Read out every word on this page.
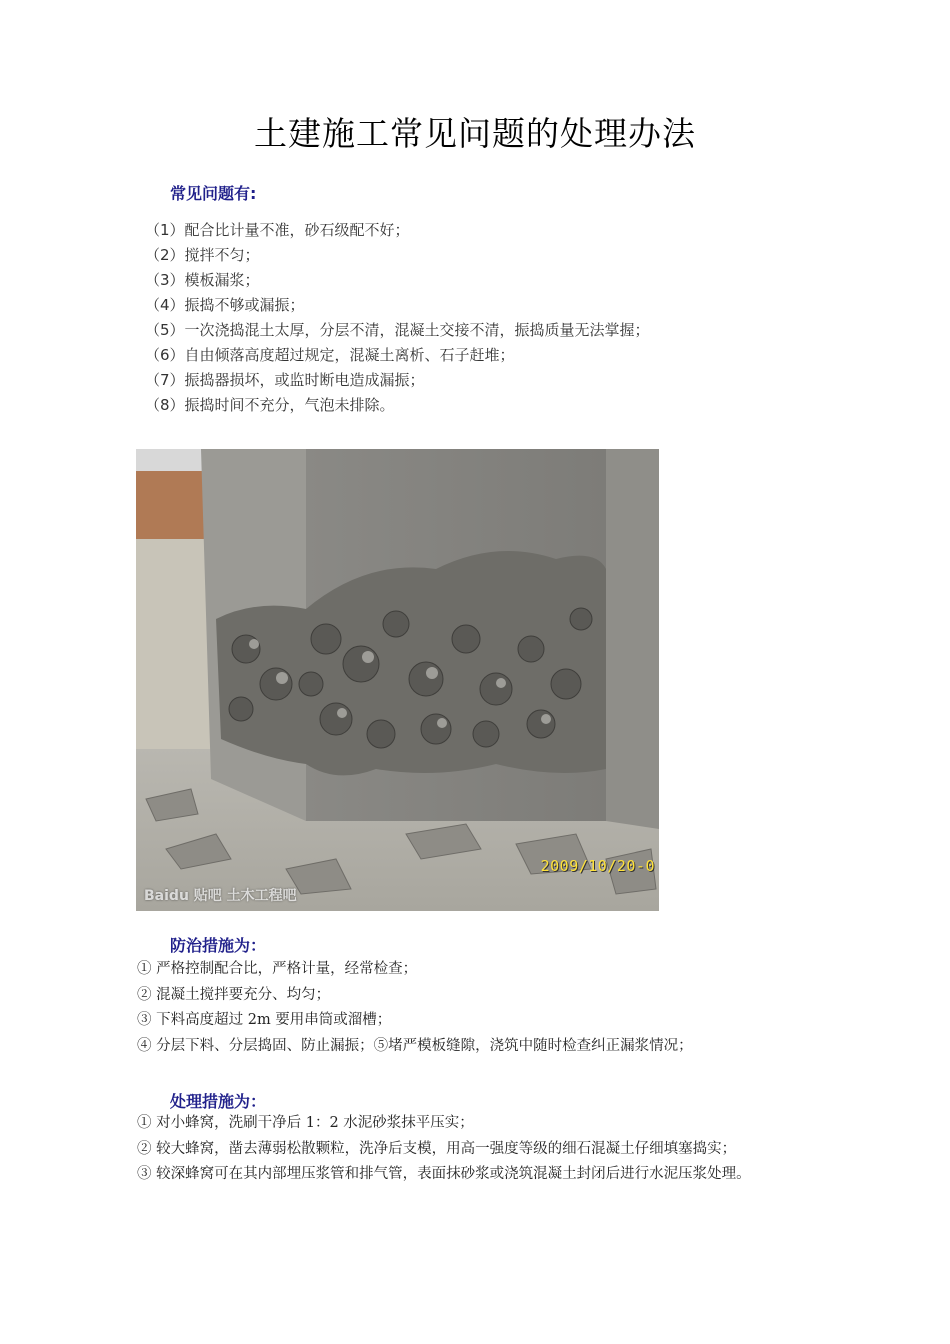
土建施工常见问题的处理办法
常见问题有:
（1）配合比计量不准，砂石级配不好；
（2）搅拌不匀；
（3）模板漏浆；
（4）振捣不够或漏振；
（5）一次浇捣混土太厚，分层不清，混凝土交接不清，振捣质量无法掌握；
（6）自由倾落高度超过规定，混凝土离析、石子赶堆；
（7）振捣器损坏，或监时断电造成漏振；
（8）振捣时间不充分，气泡未排除。
2009/10/20-0
Baidu 贴吧 土木工程吧
防治措施为：
① 严格控制配合比，严格计量，经常检查；
② 混凝土搅拌要充分、均匀；
③ 下料高度超过 2m 要用串筒或溜槽；
④ 分层下料、分层捣固、防止漏振；⑤堵严模板缝隙，浇筑中随时检查纠正漏浆情况；
处理措施为：
① 对小蜂窝，洗刷干净后 1：2 水泥砂浆抹平压实；
② 较大蜂窝，凿去薄弱松散颗粒，洗净后支模，用高一强度等级的细石混凝土仔细填塞捣实；
③ 较深蜂窝可在其内部埋压浆管和排气管，表面抹砂浆或浇筑混凝土封闭后进行水泥压浆处理。
